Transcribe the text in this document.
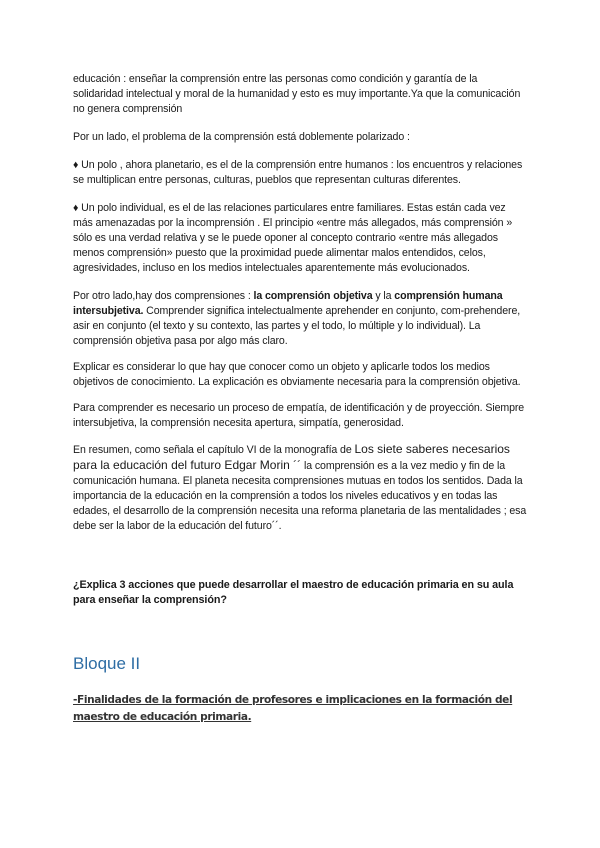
educación : enseñar la comprensión entre las personas como condición y garantía de la solidaridad intelectual y moral de la humanidad y esto es muy importante.Ya que la comunicación no genera comprensión

Por un lado, el problema de la comprensión está doblemente polarizado :

♦ Un polo , ahora planetario, es el de la comprensión entre humanos : los encuentros y relaciones se multiplican entre personas, culturas, pueblos que representan culturas diferentes.

♦ Un polo individual, es el de las relaciones particulares entre familiares. Estas están cada vez más amenazadas por la incomprensión . El principio «entre más allegados, más comprensión » sólo es una verdad relativa y se le puede oponer al concepto contrario «entre más allegados menos comprensión» puesto que la proximidad puede alimentar malos entendidos, celos, agresividades, incluso en los medios intelectuales aparentemente más evolucionados.

Por otro lado,hay dos comprensiones : la comprensión objetiva y la comprensión humana intersubjetiva. Comprender significa intelectualmente aprehender en conjunto, com-prehendere, asir en conjunto (el texto y su contexto, las partes y el todo, lo múltiple y lo individual). La comprensión objetiva pasa por algo más claro.

Explicar es considerar lo que hay que conocer como un objeto y aplicarle todos los medios objetivos de conocimiento. La explicación es obviamente necesaria para la comprensión objetiva.

Para comprender es necesario un proceso de empatía, de identificación y de proyección. Siempre intersubjetiva, la comprensión necesita apertura, simpatía, generosidad.

En resumen, como señala el capítulo VI de la monografía de Los siete saberes necesarios para la educación del futuro Edgar Morin ´´ la comprensión es a la vez medio y fin de la comunicación humana. El planeta necesita comprensiones mutuas en todos los sentidos. Dada la importancia de la educación en la comprensión a todos los niveles educativos y en todas las edades, el desarrollo de la comprensión necesita una reforma planetaria de las mentalidades ; esa debe ser la labor de la educación del futuro´´.

¿Explica 3 acciones que puede desarrollar el maestro de educación primaria en su aula para enseñar la comprensión?

Bloque II
-Finalidades de la formación de profesores e implicaciones en la formación del maestro de educación primaria.
